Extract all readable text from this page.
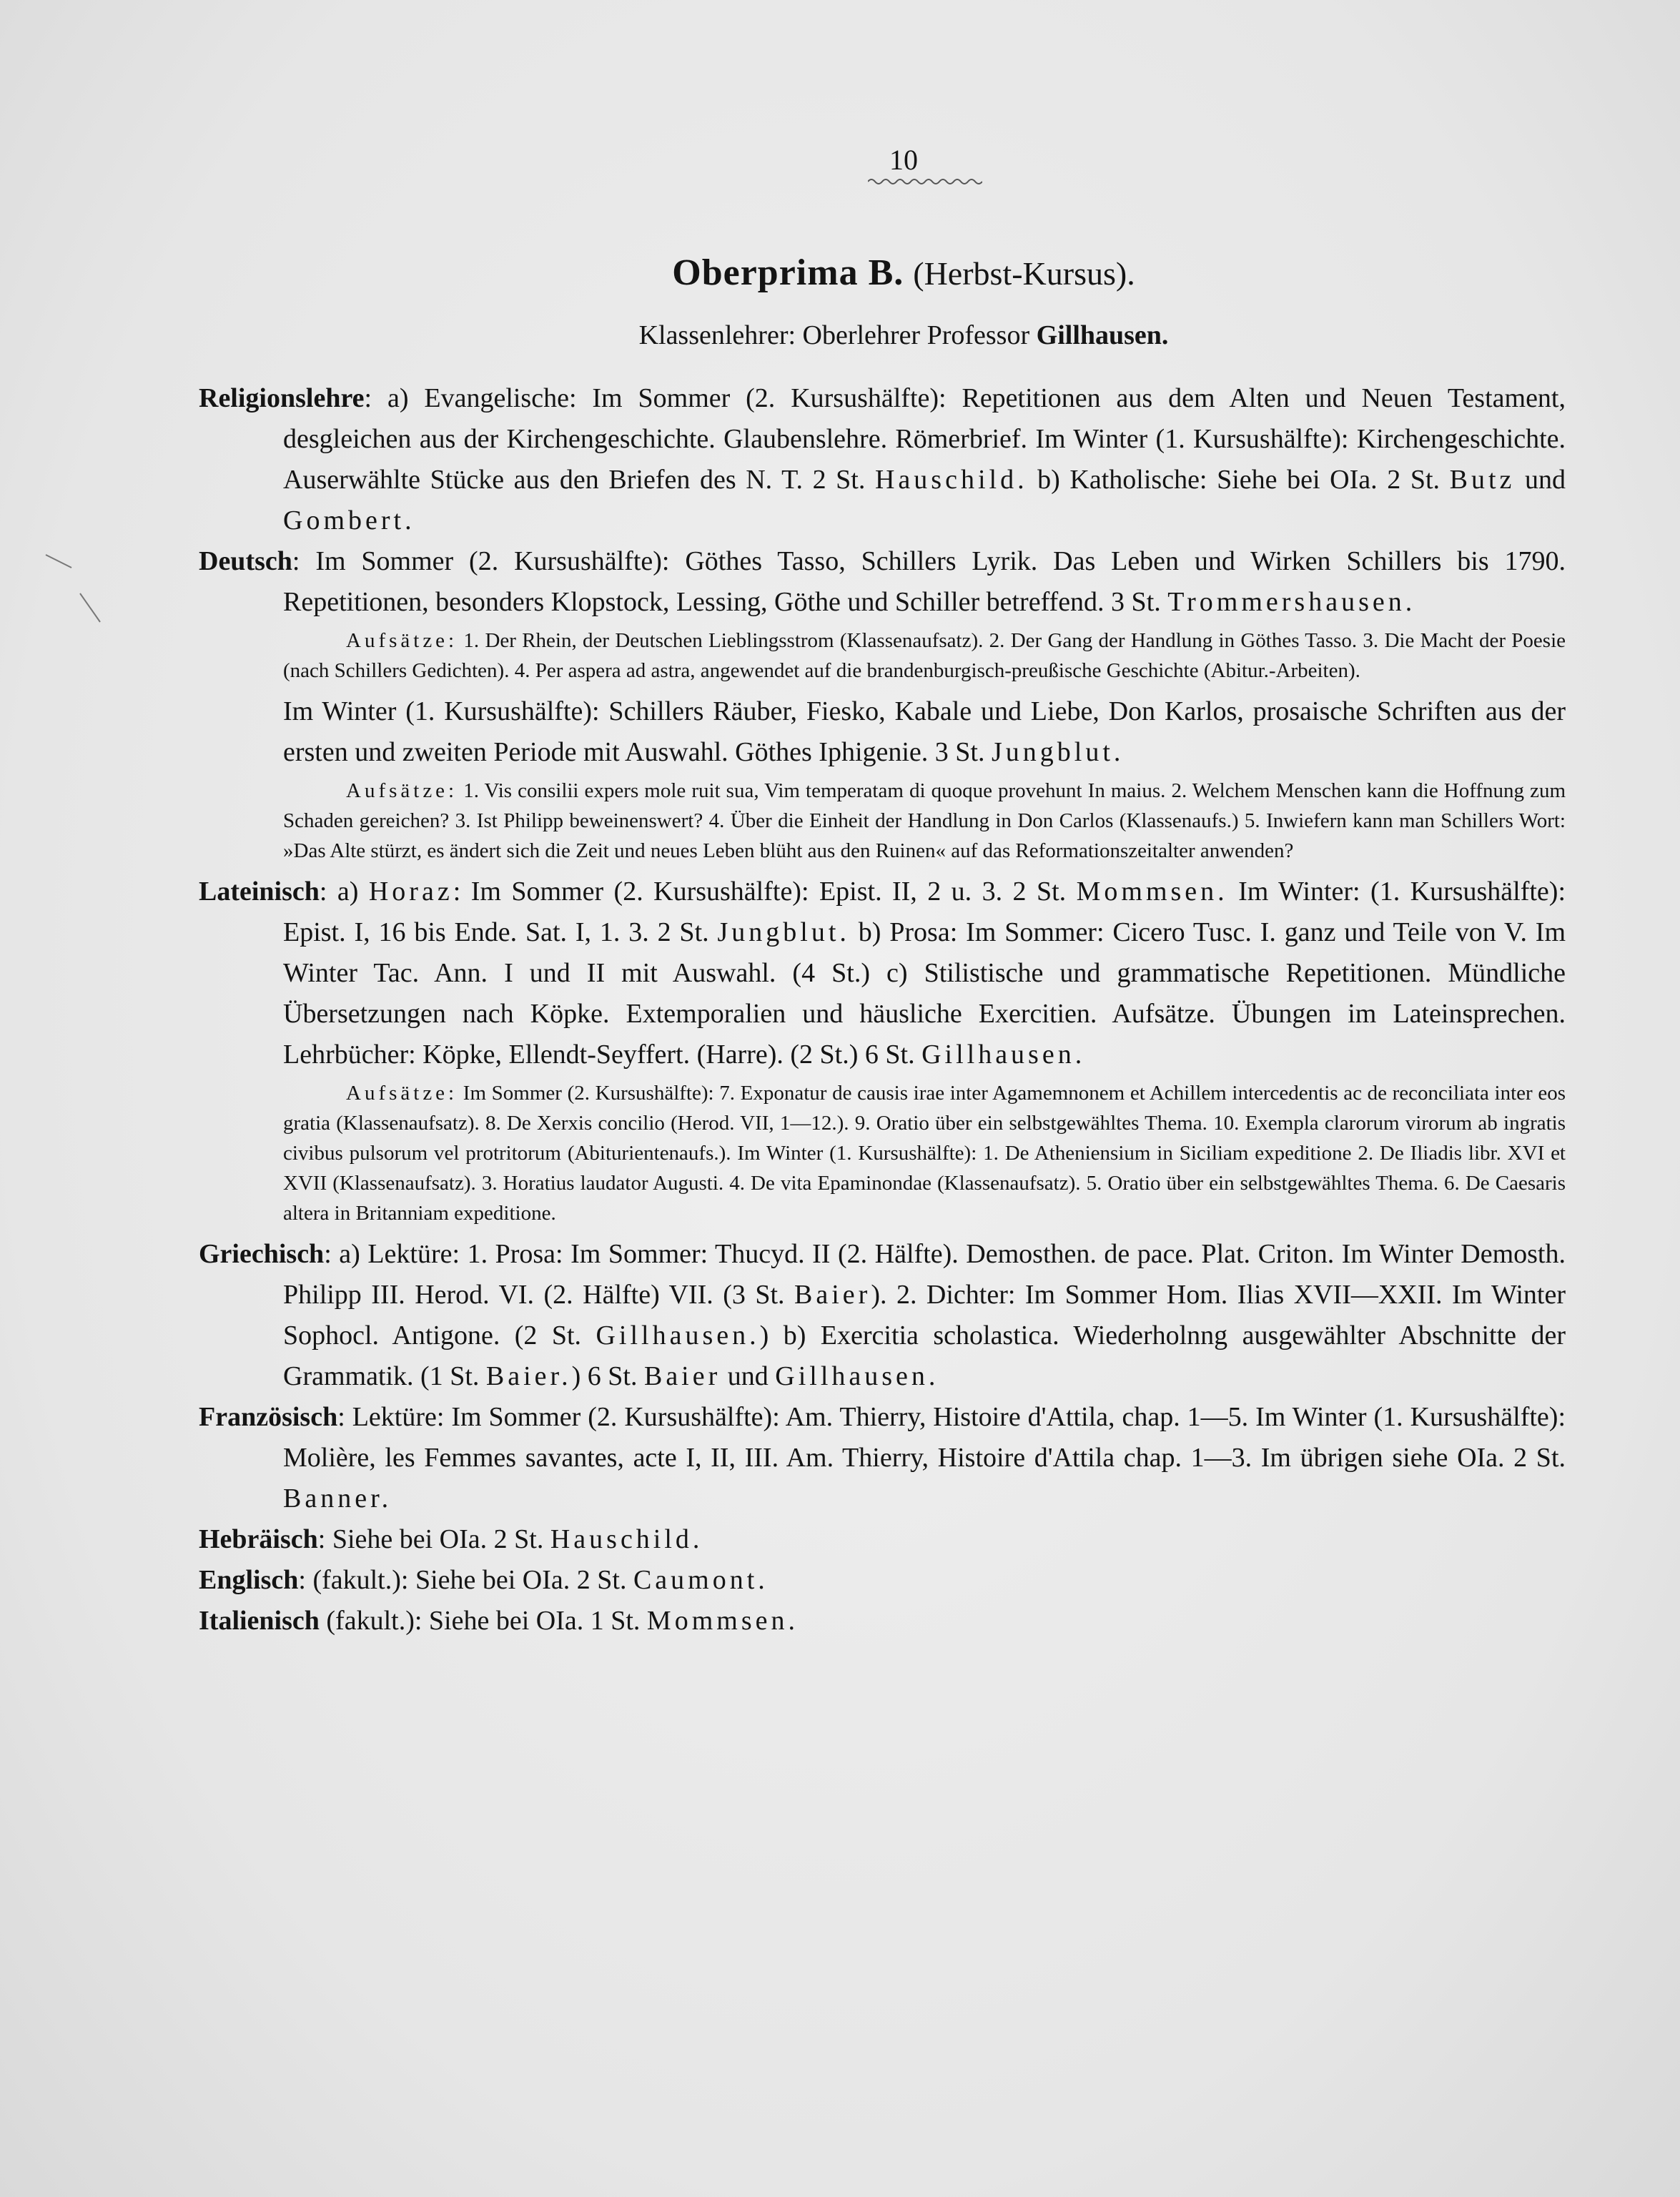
10
Oberprima B. (Herbst-Kursus).
Klassenlehrer: Oberlehrer Professor Gillhausen.
Religionslehre: a) Evangelische: Im Sommer (2. Kursushälfte): Repetitionen aus dem Alten und Neuen Testament, desgleichen aus der Kirchengeschichte. Glaubenslehre. Römerbrief. Im Winter (1. Kursushälfte): Kirchengeschichte. Auserwählte Stücke aus den Briefen des N. T. 2 St. Hauschild. b) Katholische: Siehe bei OIa. 2 St. Butz und Gombert.
Deutsch: Im Sommer (2. Kursushälfte): Göthes Tasso, Schillers Lyrik. Das Leben und Wirken Schillers bis 1790. Repetitionen, besonders Klopstock, Lessing, Göthe und Schiller betreffend. 3 St. Trommershausen.
Aufsätze: 1. Der Rhein, der Deutschen Lieblingsstrom (Klassenaufsatz). 2. Der Gang der Handlung in Göthes Tasso. 3. Die Macht der Poesie (nach Schillers Gedichten). 4. Per aspera ad astra, angewendet auf die brandenburgisch-preußische Geschichte (Abitur.-Arbeiten).
Im Winter (1. Kursushälfte): Schillers Räuber, Fiesko, Kabale und Liebe, Don Karlos, prosaische Schriften aus der ersten und zweiten Periode mit Auswahl. Göthes Iphigenie. 3 St. Jungblut.
Aufsätze: 1. Vis consilii expers mole ruit sua, Vim temperatam di quoque provehunt In maius. 2. Welchem Menschen kann die Hoffnung zum Schaden gereichen? 3. Ist Philipp beweinenswert? 4. Über die Einheit der Handlung in Don Carlos (Klassenaufs.) 5. Inwiefern kann man Schillers Wort: »Das Alte stürzt, es ändert sich die Zeit und neues Leben blüht aus den Ruinen« auf das Reformationszeitalter anwenden?
Lateinisch: a) Horaz: Im Sommer (2. Kursushälfte): Epist. II, 2 u. 3. 2 St. Mommsen. Im Winter: (1. Kursushälfte): Epist. I, 16 bis Ende. Sat. I, 1. 3. 2 St. Jungblut. b) Prosa: Im Sommer: Cicero Tusc. I. ganz und Teile von V. Im Winter Tac. Ann. I und II mit Auswahl. (4 St.) c) Stilistische und grammatische Repetitionen. Mündliche Übersetzungen nach Köpke. Extemporalien und häusliche Exercitien. Aufsätze. Übungen im Lateinsprechen. Lehrbücher: Köpke, Ellendt-Seyffert. (Harre). (2 St.) 6 St. Gillhausen.
Aufsätze: Im Sommer (2. Kursushälfte): 7. Exponatur de causis irae inter Agamemnonem et Achillem intercedentis ac de reconciliata inter eos gratia (Klassenaufsatz). 8. De Xerxis concilio (Herod. VII, 1—12.). 9. Oratio über ein selbstgewähltes Thema. 10. Exempla clarorum virorum ab ingratis civibus pulsorum vel protritorum (Abiturientenaufs.). Im Winter (1. Kursushälfte): 1. De Atheniensium in Siciliam expeditione 2. De Iliadis libr. XVI et XVII (Klassenaufsatz). 3. Horatius laudator Augusti. 4. De vita Epaminondae (Klassenaufsatz). 5. Oratio über ein selbstgewähltes Thema. 6. De Caesaris altera in Britanniam expeditione.
Griechisch: a) Lektüre: 1. Prosa: Im Sommer: Thucyd. II (2. Hälfte). Demosthen. de pace. Plat. Criton. Im Winter Demosth. Philipp III. Herod. VI. (2. Hälfte) VII. (3 St. Baier). 2. Dichter: Im Sommer Hom. Ilias XVII—XXII. Im Winter Sophocl. Antigone. (2 St. Gillhausen.) b) Exercitia scholastica. Wiederholnng ausgewählter Abschnitte der Grammatik. (1 St. Baier.) 6 St. Baier und Gillhausen.
Französisch: Lektüre: Im Sommer (2. Kursushälfte): Am. Thierry, Histoire d'Attila, chap. 1—5. Im Winter (1. Kursushälfte): Molière, les Femmes savantes, acte I, II, III. Am. Thierry, Histoire d'Attila chap. 1—3. Im übrigen siehe OIa. 2 St. Banner.
Hebräisch: Siehe bei OIa. 2 St. Hauschild.
Englisch: (fakult.): Siehe bei OIa. 2 St. Caumont.
Italienisch (fakult.): Siehe bei OIa. 1 St. Mommsen.
